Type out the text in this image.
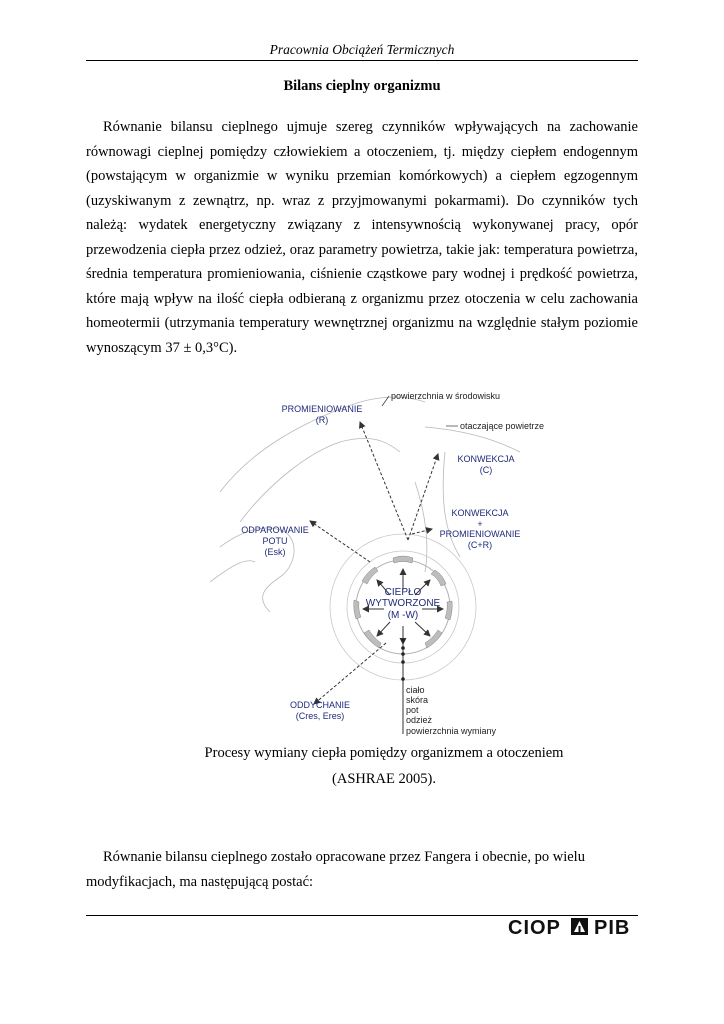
Pracownia Obciążeń Termicznych
Bilans cieplny organizmu

Równanie bilansu cieplnego ujmuje szereg czynników wpływających na zachowanie równowagi cieplnej pomiędzy człowiekiem a otoczeniem, tj. między ciepłem endogennym (powstającym w organizmie w wyniku przemian komórkowych) a ciepłem egzogennym (uzyskiwanym z zewnątrz, np. wraz z przyjmowanymi pokarmami). Do czynników tych należą: wydatek energetyczny związany z intensywnością wykonywanej pracy, opór przewodzenia ciepła przez odzież, oraz parametry powietrza, takie jak: temperatura powietrza, średnia temperatura promieniowania, ciśnienie cząstkowe pary wodnej i prędkość powietrza, które mają wpływ na ilość ciepła odbieraną z organizmu przez otoczenia w celu zachowania homeotermii (utrzymania temperatury wewnętrznej organizmu na względnie stałym poziomie wynoszącym 37 ± 0,3°C).

powierzchnia w środowisku
otaczające powietrze
PROMIENIOWANIE
(R)
KONWEKCJA
(C)
KONWEKCJA
+
PROMIENIOWANIE
(C+R)
ODPAROWANIE
POTU
(Esk)
CIEPŁO
WYTWORZONE
(M -W)
ODDYCHANIE
(Cres, Eres)
ciało
skóra
pot
odzież
powierzchnia wymiany
Procesy wymiany ciepła pomiędzy organizmem a otoczeniem
(ASHRAE 2005).

Równanie bilansu cieplnego zostało opracowane przez Fangera i obecnie, po wielu modyfikacjach, ma następującą postać:

CIOP PIB
